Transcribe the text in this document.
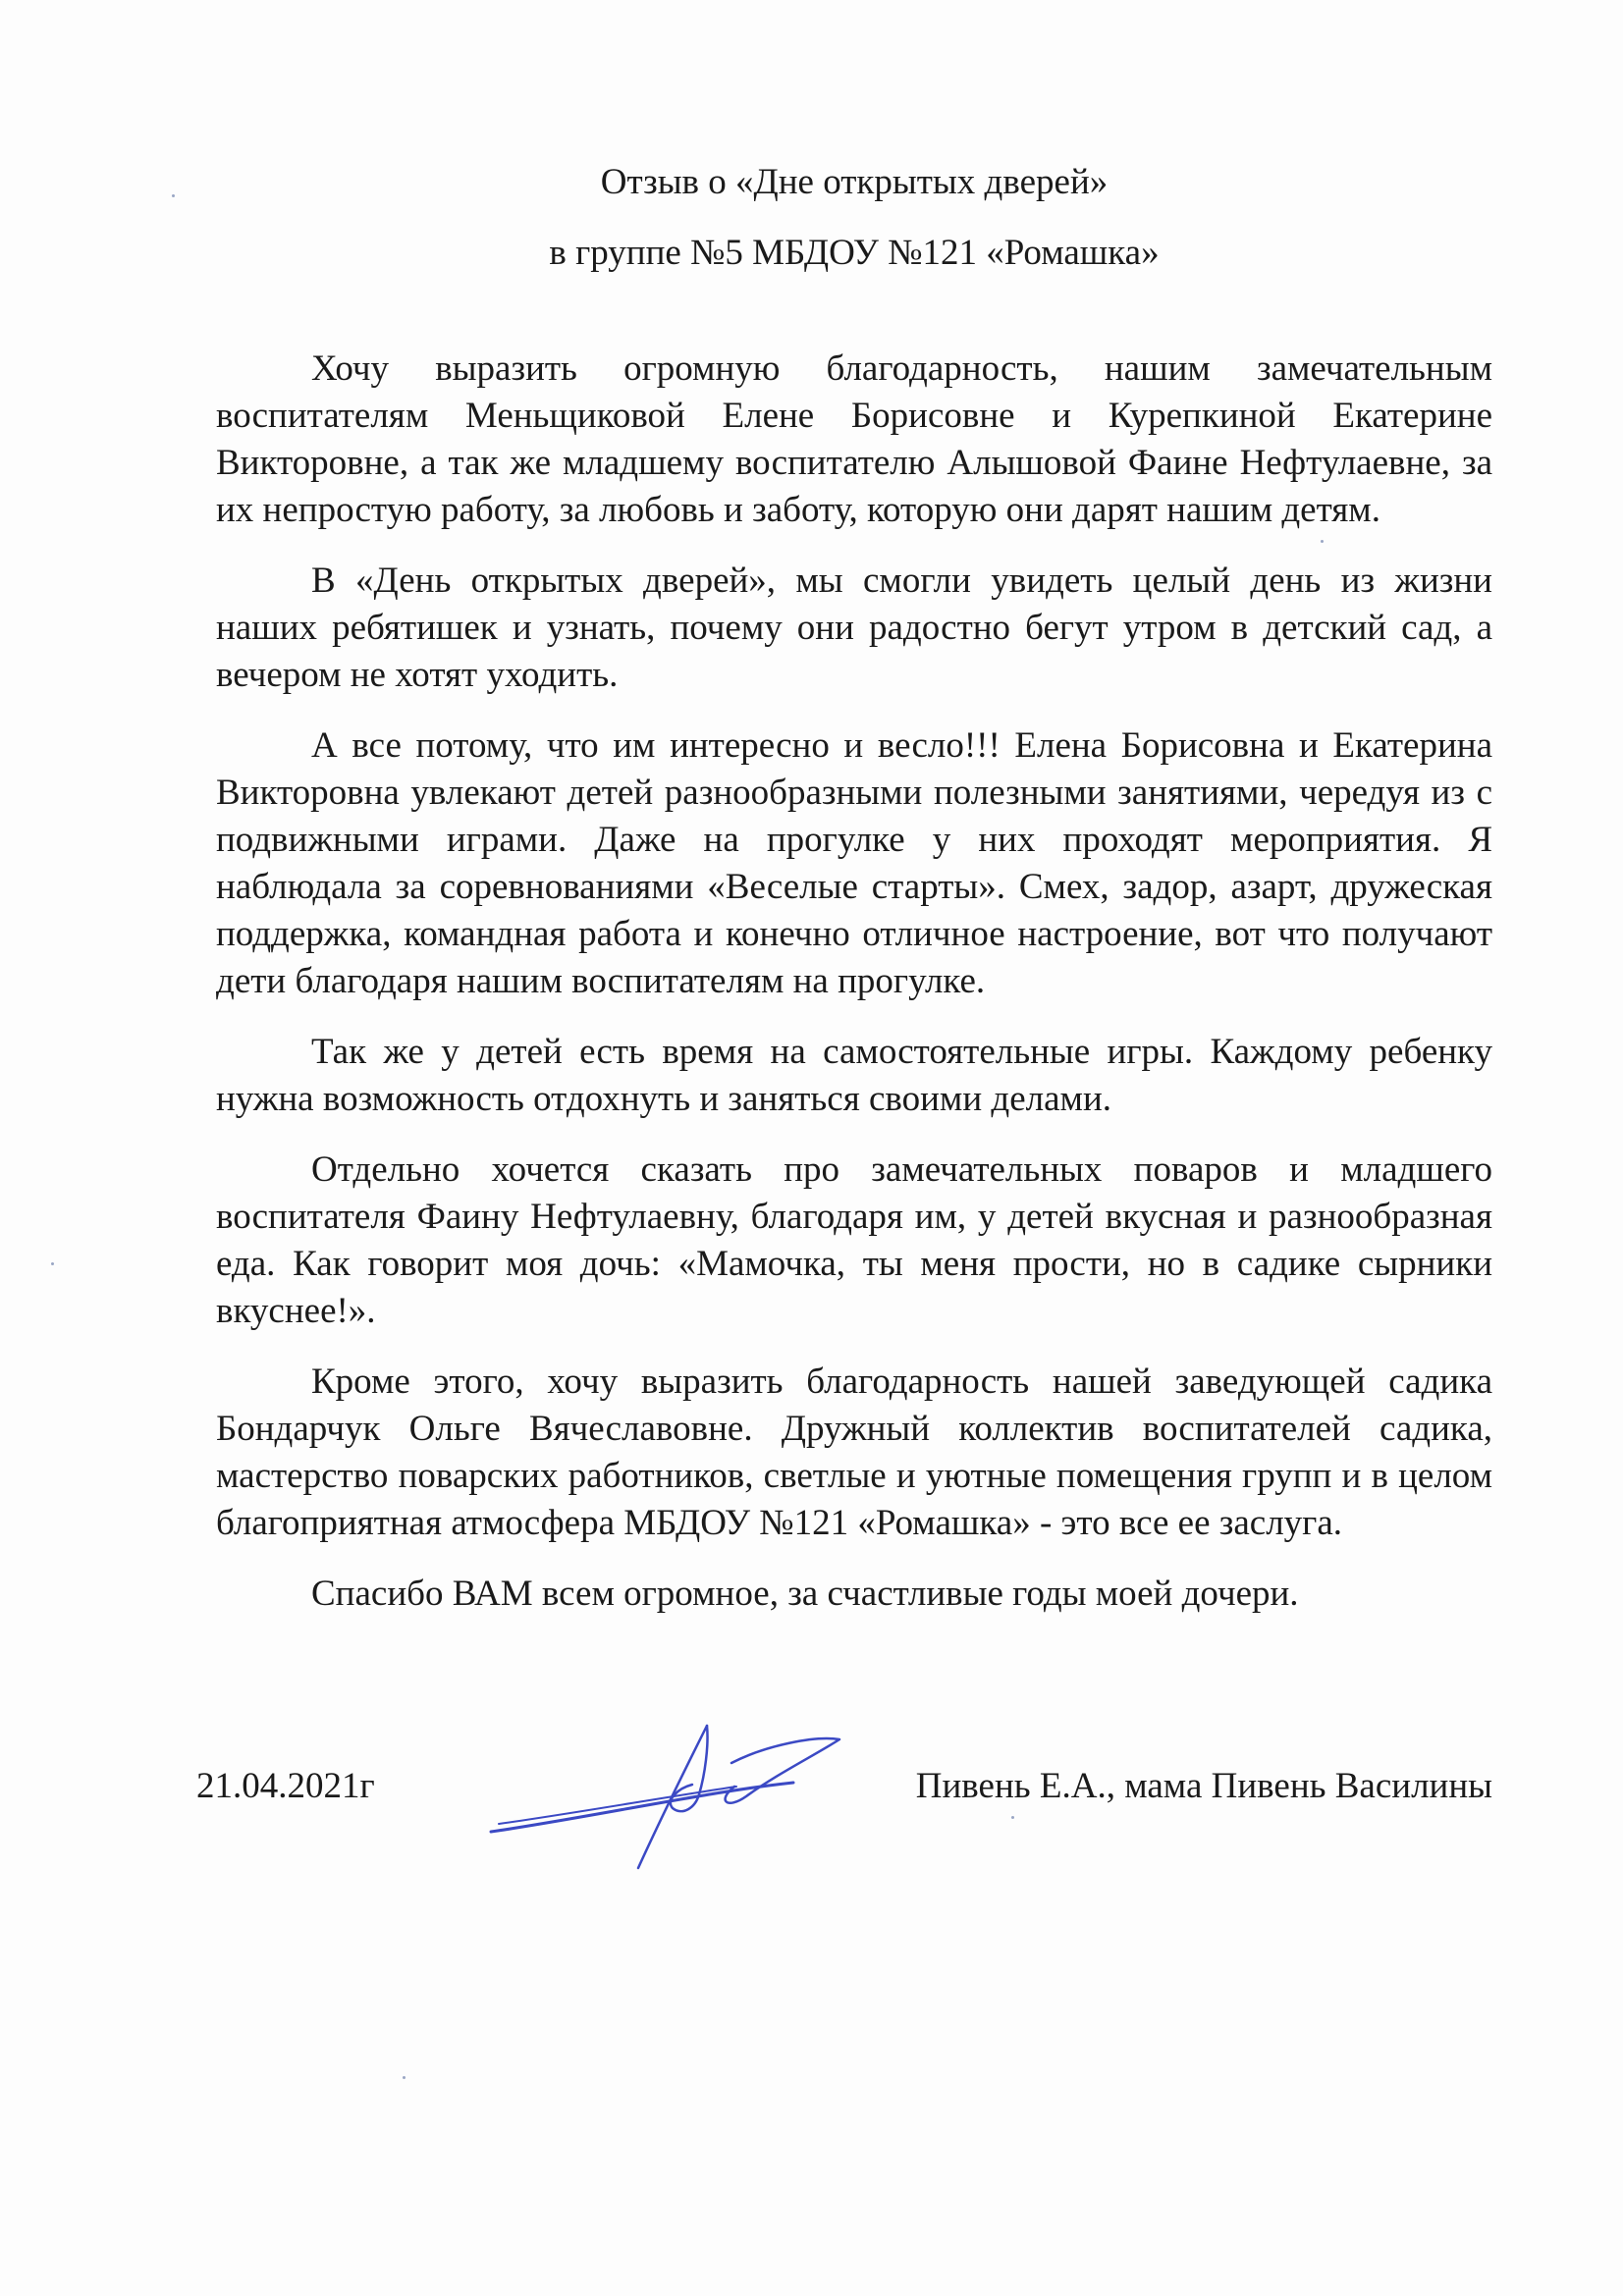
Отзыв о «Дне открытых дверей»

в группе №5 МБДОУ №121 «Ромашка»

Хочу выразить огромную благодарность, нашим замечательным воспитателям Меньщиковой Елене Борисовне и Курепкиной Екатерине Викторовне, а так же младшему воспитателю Алышовой Фаине Нефтулаевне, за их непростую работу, за любовь и заботу, которую они дарят нашим детям.

В «День открытых дверей», мы смогли увидеть целый день из жизни наших ребятишек и узнать, почему они радостно бегут утром в детский сад, а вечером не хотят уходить.

А все потому, что им интересно и весло!!! Елена Борисовна и Екатерина Викторовна увлекают детей разнообразными полезными занятиями, чередуя из с подвижными играми. Даже на прогулке у них проходят мероприятия. Я наблюдала за соревнованиями «Веселые старты». Смех, задор, азарт, дружеская поддержка, командная работа и конечно отличное настроение, вот что получают дети благодаря нашим воспитателям на прогулке.

Так же у детей есть время на самостоятельные игры. Каждому ребенку нужна возможность отдохнуть и заняться своими делами.

Отдельно хочется сказать про замечательных поваров и младшего воспитателя Фаину Нефтулаевну, благодаря им, у детей вкусная и разнообразная еда. Как говорит моя дочь: «Мамочка, ты меня прости, но в садике сырники вкуснее!».

Кроме этого, хочу выразить благодарность нашей заведующей садика Бондарчук Ольге Вячеславовне. Дружный коллектив воспитателей садика, мастерство поварских работников, светлые и уютные помещения групп и в целом благоприятная атмосфера МБДОУ №121 «Ромашка» - это все ее заслуга.

Спасибо ВАМ всем огромное, за счастливые годы моей дочери.

21.04.2021г	Пивень Е.А., мама Пивень Василины
